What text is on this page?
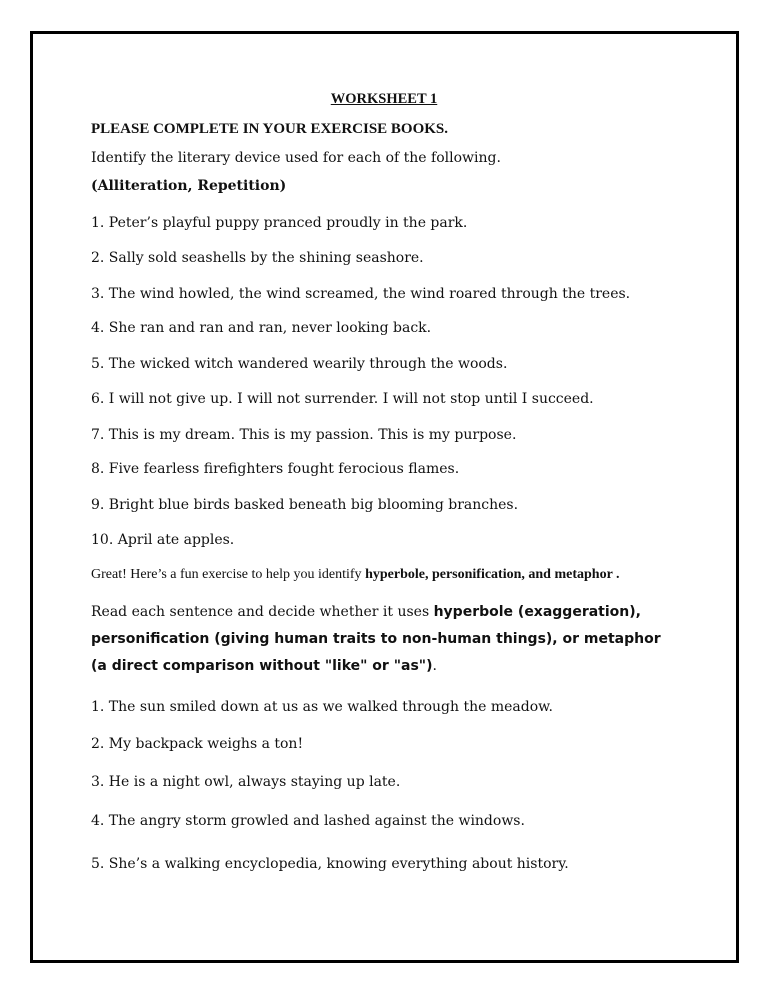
WORKSHEET 1
PLEASE COMPLETE IN YOUR EXERCISE BOOKS.
Identify the literary device used for each of the following.
(Alliteration, Repetition)
1. Peter’s playful puppy pranced proudly in the park.
2. Sally sold seashells by the shining seashore.
3. The wind howled, the wind screamed, the wind roared through the trees.
4. She ran and ran and ran, never looking back.
5. The wicked witch wandered wearily through the woods.
6. I will not give up. I will not surrender. I will not stop until I succeed.
7. This is my dream. This is my passion. This is my purpose.
8. Five fearless firefighters fought ferocious flames.
9. Bright blue birds basked beneath big blooming branches.
10. April ate apples.
Great! Here’s a fun exercise to help you identify hyperbole, personification, and metaphor .
Read each sentence and decide whether it uses hyperbole (exaggeration), personification (giving human traits to non-human things), or metaphor (a direct comparison without "like" or "as").
1. The sun smiled down at us as we walked through the meadow.
2. My backpack weighs a ton!
3. He is a night owl, always staying up late.
4. The angry storm growled and lashed against the windows.
5. She’s a walking encyclopedia, knowing everything about history.
